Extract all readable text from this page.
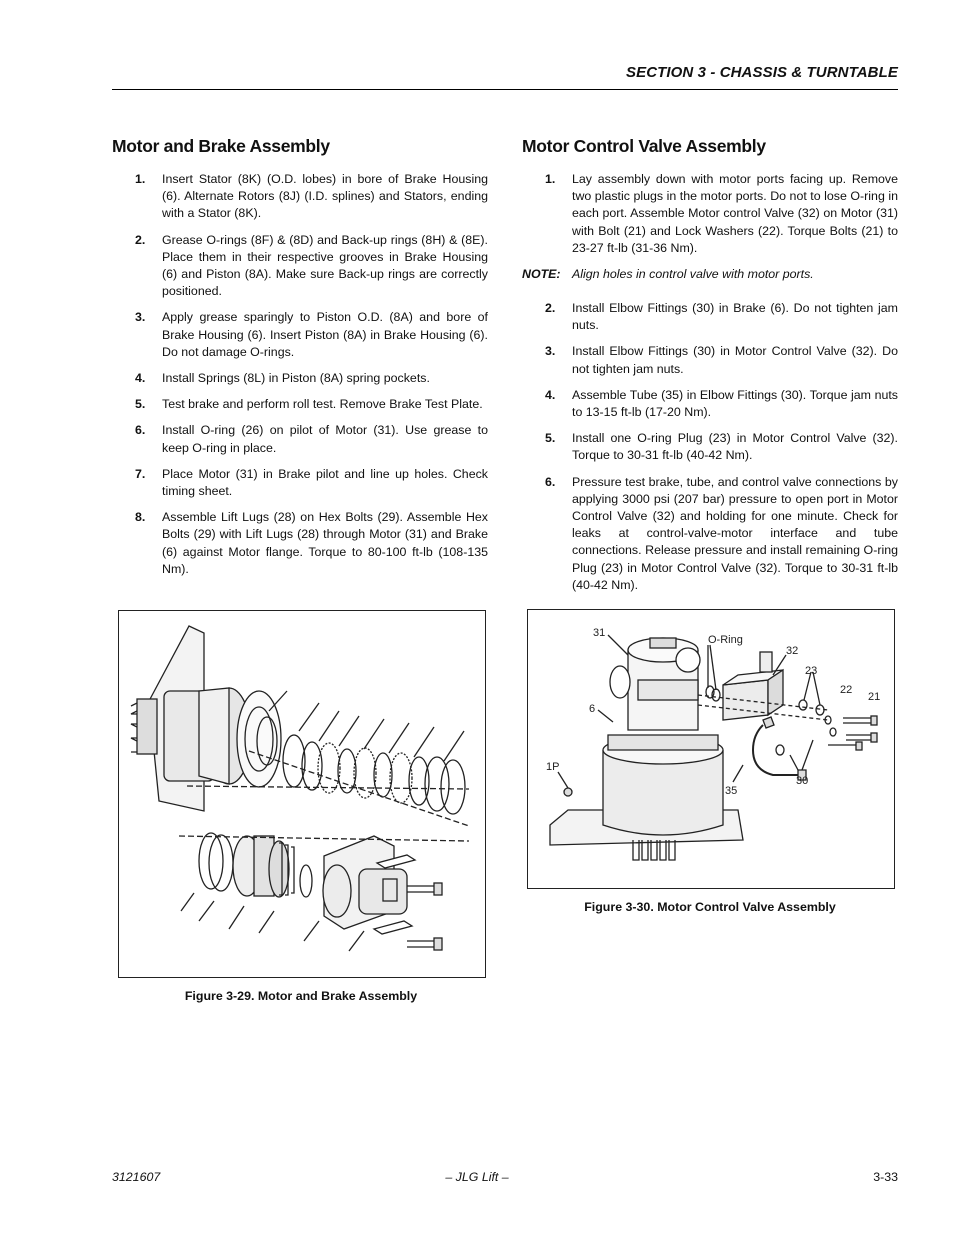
SECTION 3 - CHASSIS & TURNTABLE
Motor and Brake Assembly
1. Insert Stator (8K) (O.D. lobes) in bore of Brake Housing (6). Alternate Rotors (8J) (I.D. splines) and Stators, ending with a Stator (8K).
2. Grease O-rings (8F) & (8D) and Back-up rings (8H) & (8E). Place them in their respective grooves in Brake Housing (6) and Piston (8A). Make sure Back-up rings are correctly positioned.
3. Apply grease sparingly to Piston O.D. (8A) and bore of Brake Housing (6). Insert Piston (8A) in Brake Housing (6). Do not damage O-rings.
4. Install Springs (8L) in Piston (8A) spring pockets.
5. Test brake and perform roll test. Remove Brake Test Plate.
6. Install O-ring (26) on pilot of Motor (31). Use grease to keep O-ring in place.
7. Place Motor (31) in Brake pilot and line up holes. Check timing sheet.
8. Assemble Lift Lugs (28) on Hex Bolts (29). Assemble Hex Bolts (29) with Lift Lugs (28) through Motor (31) and Brake (6) against Motor flange. Torque to 80-100 ft-lb (108-135 Nm).
Motor Control Valve Assembly
1. Lay assembly down with motor ports facing up. Remove two plastic plugs in the motor ports. Do not to lose O-ring in each port. Assemble Motor control Valve (32) on Motor (31) with Bolt (21) and Lock Washers (22). Torque Bolts (21) to 23-27 ft-lb (31-36 Nm).
NOTE: Align holes in control valve with motor ports.
2. Install Elbow Fittings (30) in Brake (6). Do not tighten jam nuts.
3. Install Elbow Fittings (30) in Motor Control Valve (32). Do not tighten jam nuts.
4. Assemble Tube (35) in Elbow Fittings (30). Torque jam nuts to 13-15 ft-lb (17-20 Nm).
5. Install one O-ring Plug (23) in Motor Control Valve (32). Torque to 30-31 ft-lb (40-42 Nm).
6. Pressure test brake, tube, and control valve connections by applying 3000 psi (207 bar) pressure to open port in Motor Control Valve (32) and holding for one minute. Check for leaks at control-valve-motor interface and tube connections. Release pressure and install remaining O-ring Plug (23) in Motor Control Valve (32). Torque to 30-31 ft-lb (40-42 Nm).
Figure 3-29. Motor and Brake Assembly
31
O-Ring
32
23
22
21
6
1P
35
30
Figure 3-30. Motor Control Valve Assembly
3121607	– JLG Lift –	3-33
